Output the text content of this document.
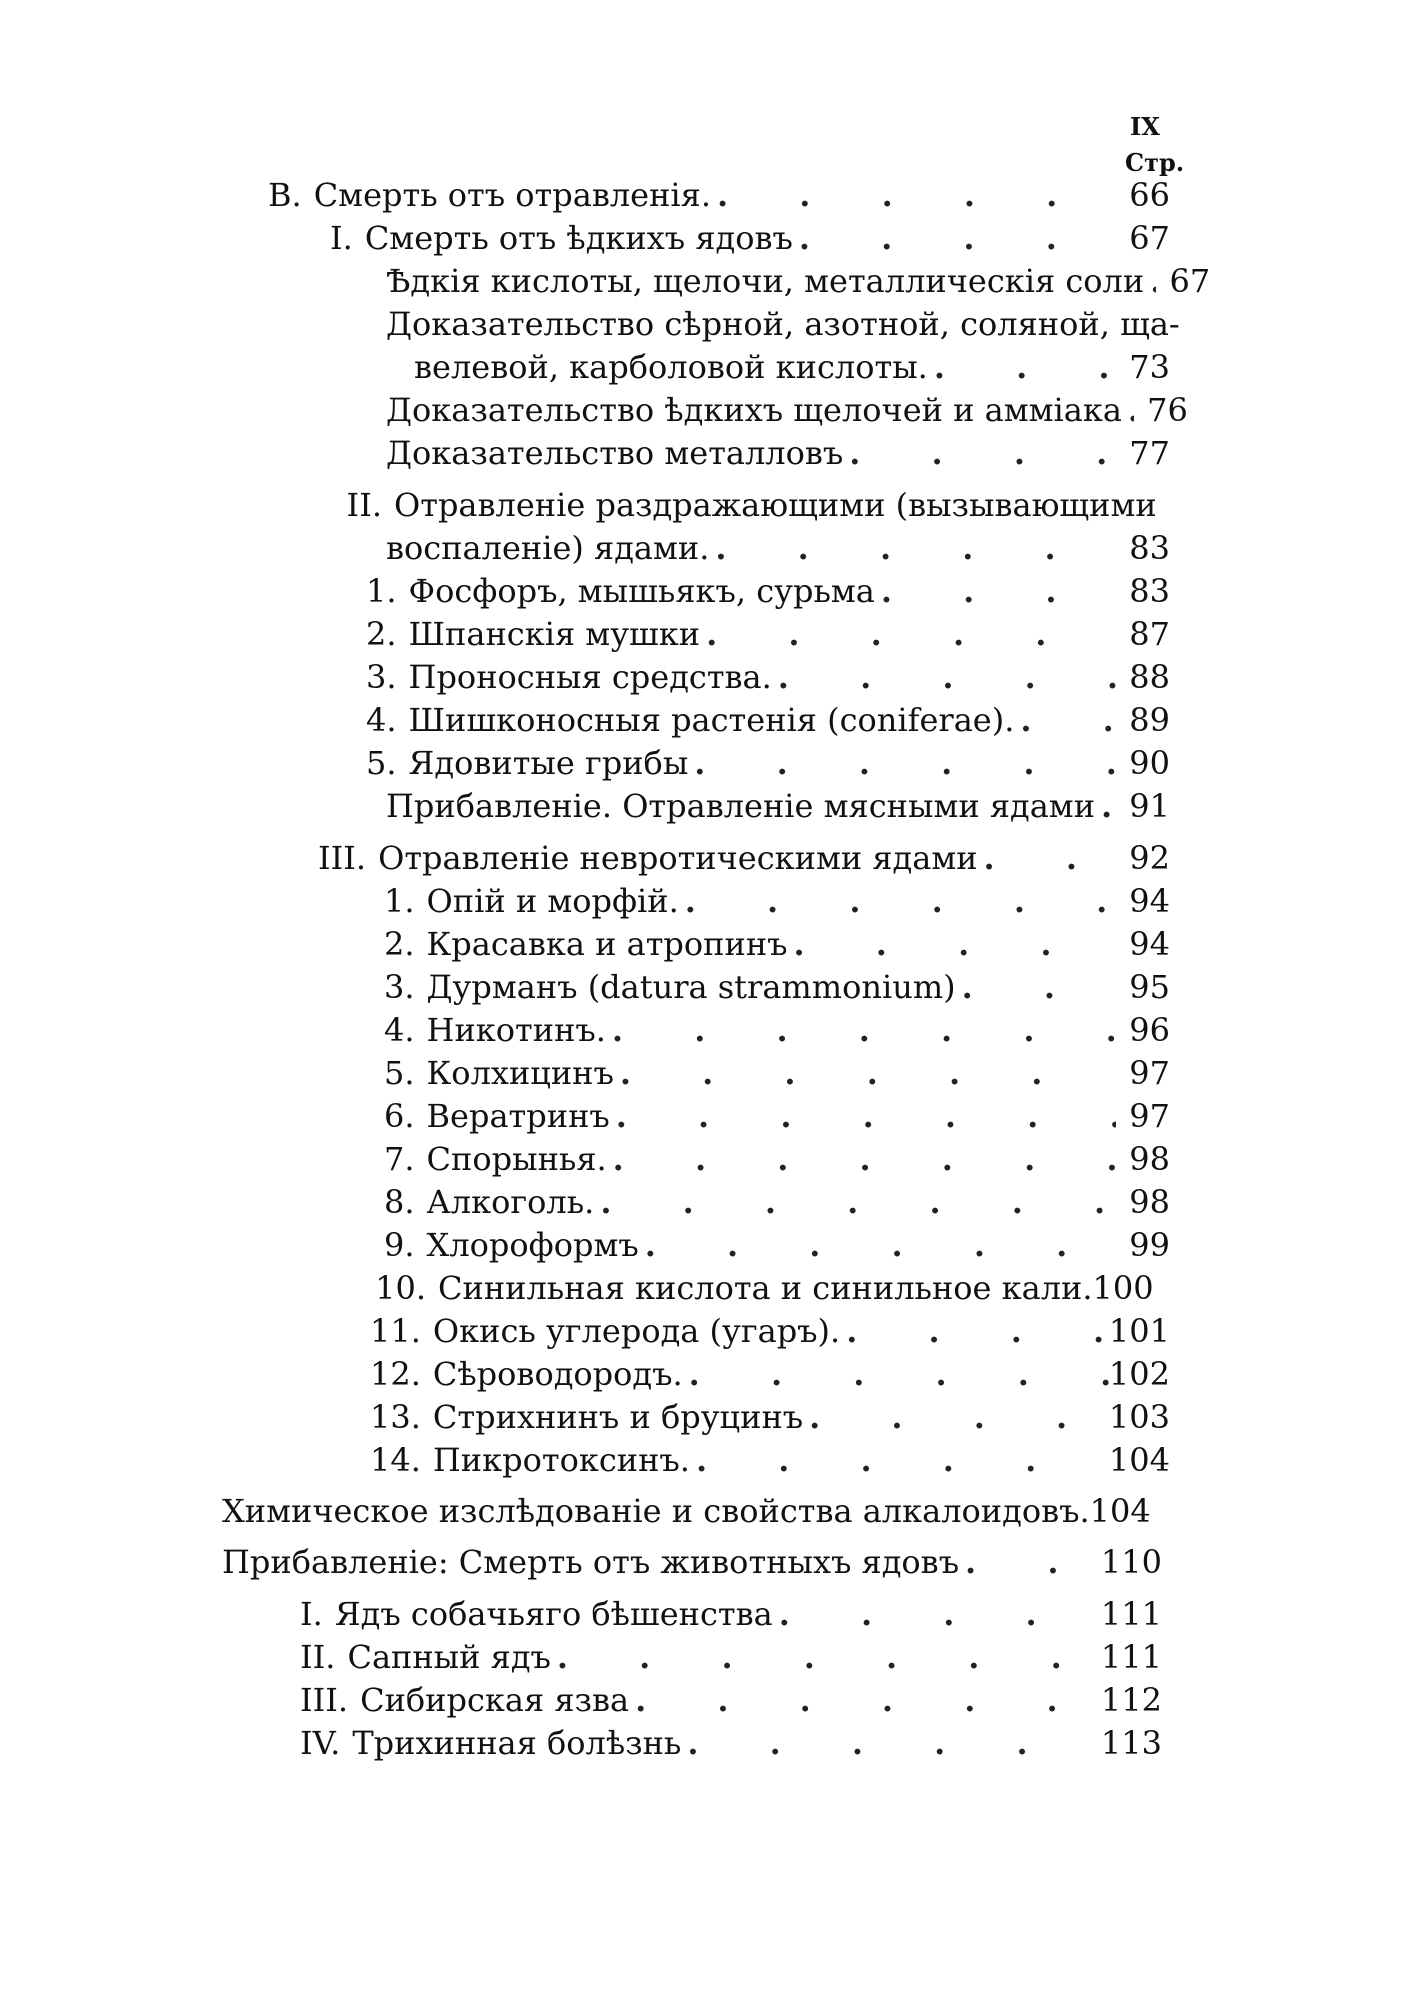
IX
Стр.
В. Смерть отъ отравленія. . . .	66
I. Смерть отъ ѣдкихъ ядовъ . . .	67
Ѣдкія кислоты, щелочи, металлическія соли . . . 67
Доказательство сѣрной, азотной, соляной, ща-
велевой, карболовой кислоты. . . .	73
Доказательство ѣдкихъ щелочей и амміака . . . 76
Доказательство металловъ . . .	77
II. Отравленіе раздражающими (вызывающими
воспаленіе) ядами. . . .	83
1. Фосфоръ, мышьякъ, сурьма . . .	83
2. Шпанскія мушки . . .	87
3. Проносныя средства. . . .	88
4. Шишконосныя растенія (coniferae). . . .	89
5. Ядовитые грибы . . .	90
Прибавленіе. Отравленіе мясными ядами . . .	91
III. Отравленіе невротическими ядами . . .	92
1. Опій и морфій. . . .	94
2. Красавка и атропинъ . . .	94
3. Дурманъ (datura strammonium) . . .	95
4. Никотинъ. . . .	96
5. Колхицинъ . . .	97
6. Вератринъ . . .	97
7. Спорынья. . . .	98
8. Алкоголь. . . .	98
9. Хлороформъ . . .	99
10. Синильная кислота и синильное кали. 100
11. Окись углерода (угаръ). . . .	101
12. Сѣроводородъ. . . .	102
13. Стрихнинъ и бруцинъ . . .	103
14. Пикротоксинъ. . . .	104
Химическое изслѣдованіе и свойства алкалоидовъ. 104
Прибавленіе: Смерть отъ животныхъ ядовъ . . .	110
I. Ядъ собачьяго бѣшенства . . .	111
II. Сапный ядъ . . .	111
III. Сибирская язва . . .	112
IV. Трихинная болѣзнь . . .	113
